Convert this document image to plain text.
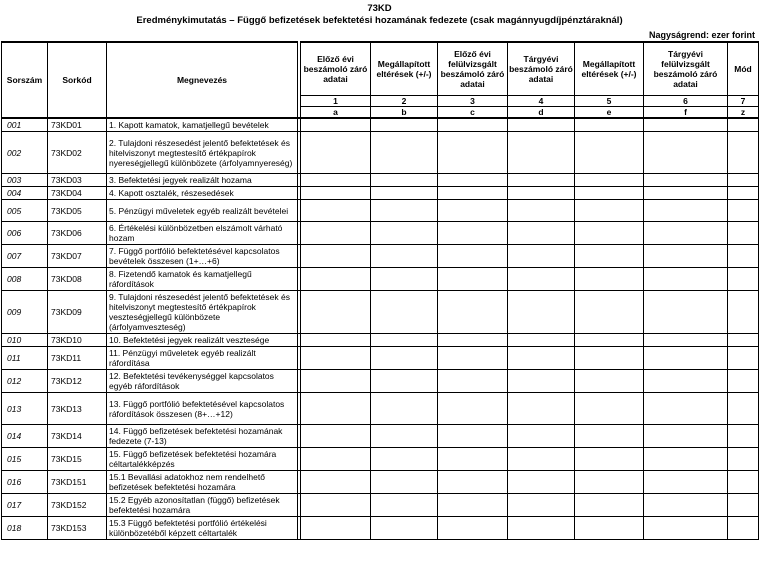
73KD
Eredménykimutatás – Függő befizetések befektetési hozamának fedezete (csak magánnyugdíjpénztáraknál)
Nagyságrend: ezer forint
Sorszám	Sorkód	Megnevezés		Előző évi beszámoló záró adatai	Megállapított eltérések (+/-)	Előző évi felülvizsgált beszámoló záró adatai	Tárgyévi beszámoló záró adatai	Megállapított eltérések (+/-)	Tárgyévi felülvizsgált beszámoló záró adatai	Mód
				1	2	3	4	5	6	7
				a	b	c	d	e	f	z
001	73KD01	1. Kapott kamatok, kamatjellegű bevételek								
002	73KD02	2. Tulajdoni részesedést jelentő befektetések és hitelviszonyt megtestesítő értékpapírok nyereségjellegű különbözete (árfolyamnyereség)								
003	73KD03	3. Befektetési jegyek realizált hozama								
004	73KD04	4. Kapott osztalék, részesedések								
005	73KD05	5. Pénzügyi műveletek egyéb realizált bevételei								
006	73KD06	6. Értékelési különbözetben elszámolt várható hozam								
007	73KD07	7. Függő portfólió befektetésével kapcsolatos bevételek összesen (1+…+6)								
008	73KD08	8. Fizetendő kamatok és kamatjellegű ráfordítások								
009	73KD09	9. Tulajdoni részesedést jelentő befektetések és hitelviszonyt megtestesítő értékpapírok veszteségjellegű különbözete (árfolyamveszteség)								
010	73KD10	10. Befektetési jegyek realizált vesztesége								
011	73KD11	11. Pénzügyi műveletek egyéb realizált ráfordítása								
012	73KD12	12. Befektetési tevékenységgel kapcsolatos egyéb ráfordítások								
013	73KD13	13. Függő portfólió befektetésével kapcsolatos ráfordítások összesen (8+…+12)								
014	73KD14	14. Függő befizetések befektetési hozamának fedezete (7-13)								
015	73KD15	15. Függő befizetések befektetési hozamára céltartalékképzés								
016	73KD151	15.1 Bevallási adatokhoz nem rendelhető befizetések befektetési hozamára								
017	73KD152	15.2 Egyéb azonosítatlan (függő) befizetések befektetési hozamára								
018	73KD153	15.3 Függő befektetési portfólió értékelési különbözetéből képzett céltartalék								
